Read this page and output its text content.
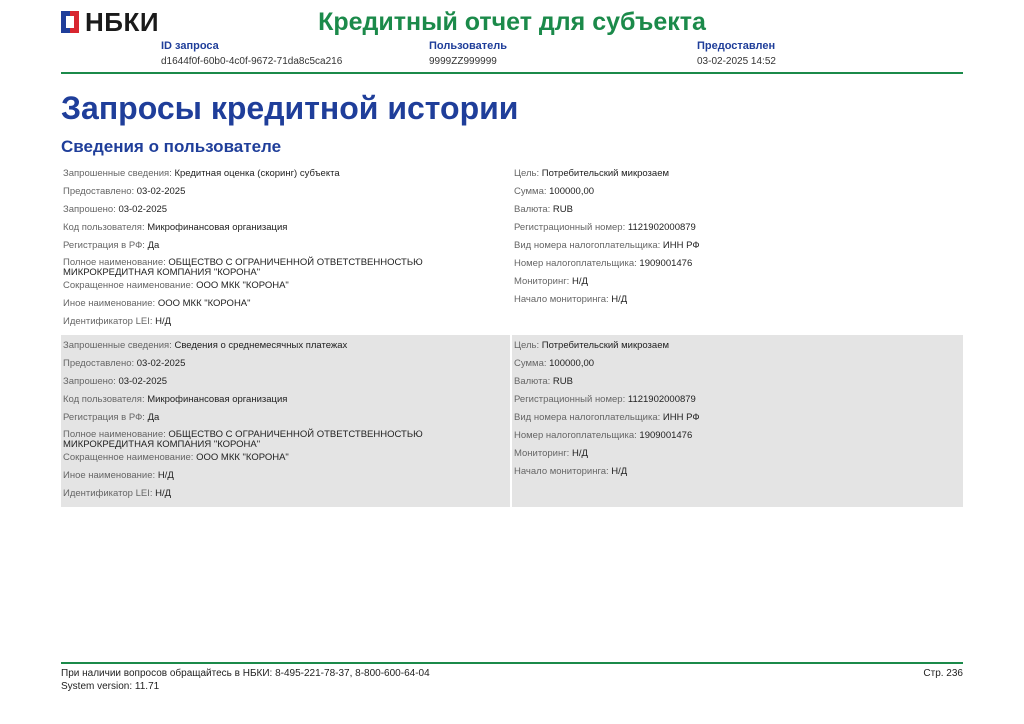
НБКИ	Кредитный отчет для субъекта
ID запроса
d1644f0f-60b0-4c0f-9672-71da8c5ca216
Пользователь
9999ZZ999999
Предоставлен
03-02-2025 14:52
Запросы кредитной истории
Сведения о пользователе
Запрошенные сведения: Кредитная оценка (скоринг) субъекта
Предоставлено: 03-02-2025
Запрошено: 03-02-2025
Код пользователя: Микрофинансовая организация
Регистрация в РФ: Да
Полное наименование: ОБЩЕСТВО С ОГРАНИЧЕННОЙ ОТВЕТСТВЕННОСТЬЮ МИКРОКРЕДИТНАЯ КОМПАНИЯ "КОРОНА"
Сокращенное наименование: ООО МКК "КОРОНА"
Иное наименование: ООО МКК "КОРОНА"
Идентификатор LEI: Н/Д
Цель: Потребительский микрозаем
Сумма: 100000,00
Валюта: RUB
Регистрационный номер: 1121902000879
Вид номера налогоплательщика: ИНН РФ
Номер налогоплательщика: 1909001476
Мониторинг: Н/Д
Начало мониторинга: Н/Д
Запрошенные сведения: Сведения о среднемесячных платежах
Предоставлено: 03-02-2025
Запрошено: 03-02-2025
Код пользователя: Микрофинансовая организация
Регистрация в РФ: Да
Полное наименование: ОБЩЕСТВО С ОГРАНИЧЕННОЙ ОТВЕТСТВЕННОСТЬЮ МИКРОКРЕДИТНАЯ КОМПАНИЯ "КОРОНА"
Сокращенное наименование: ООО МКК "КОРОНА"
Иное наименование: Н/Д
Идентификатор LEI: Н/Д
Цель: Потребительский микрозаем
Сумма: 100000,00
Валюта: RUB
Регистрационный номер: 1121902000879
Вид номера налогоплательщика: ИНН РФ
Номер налогоплательщика: 1909001476
Мониторинг: Н/Д
Начало мониторинга: Н/Д
При наличии вопросов обращайтесь в НБКИ: 8-495-221-78-37, 8-800-600-64-04
System version: 11.71
Стр. 236
